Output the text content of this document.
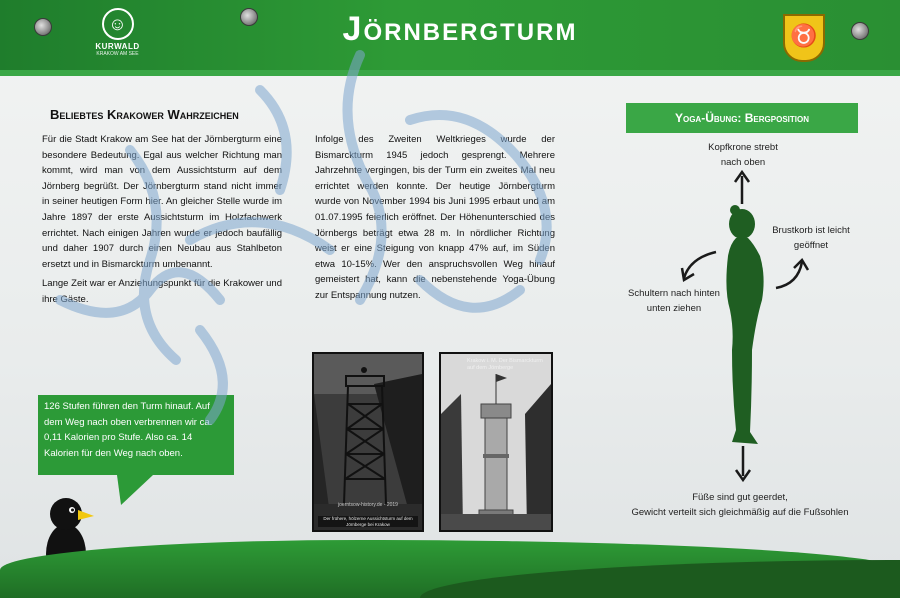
☺
KURWALD
KRAKOW AM SEE
Jörnbergturm	♉
Beliebtes Krakower Wahrzeichen

Für die Stadt Krakow am See hat der Jörnbergturm eine besondere Bedeutung. Egal aus welcher Richtung man kommt, wird man von dem Aussichtsturm auf dem Jörnberg begrüßt. Der Jörnbergturm stand nicht immer in seiner heutigen Form hier. An gleicher Stelle wurde im Jahre 1897 der erste Aussichtsturm im Holzfachwerk errichtet. Nach einigen Jahren wurde er jedoch baufällig und daher 1907 durch einen Neubau aus Stahlbeton ersetzt und in Bismarckturm umbenannt.

Lange Zeit war er Anziehungspunkt für die Krakower und ihre Gäste.

Infolge des Zweiten Weltkrieges wurde der Bismarckturm 1945 jedoch gesprengt. Mehrere Jahrzehnte vergingen, bis der Turm ein zweites Mal neu errichtet werden konnte. Der heutige Jörnbergturm wurde von November 1994 bis Juni 1995 erbaut und am 01.07.1995 feierlich eröffnet. Der Höhenunterschied des Jörnbergs beträgt etwa 28 m. In nördlicher Richtung weist er eine Steigung von knapp 47% auf, im Süden etwa 10-15%. Wer den anspruchsvollen Weg hinauf gemeistert hat, kann die nebenstehende Yoga-Übung zur Entspannung nutzen.

joerntsow-history.de - 2019
Der frühere, hölzerne Aussichtsturm auf dem Jörnberge bei Krakow
Krakow i. M. Der Bismarckturm auf dem Jörnberge
126 Stufen führen den Turm hinauf. Auf dem Weg nach oben verbrennen wir ca. 0,11 Kalorien pro Stufe. Also ca. 14 Kalorien für den Weg nach oben.
Yoga-Übung: Bergposition
Kopfkrone strebt nach oben
Brustkorb ist leicht geöffnet
Schultern nach hinten unten ziehen
Füße sind gut geerdet,
Gewicht verteilt sich gleichmäßig auf die Fußsohlen
